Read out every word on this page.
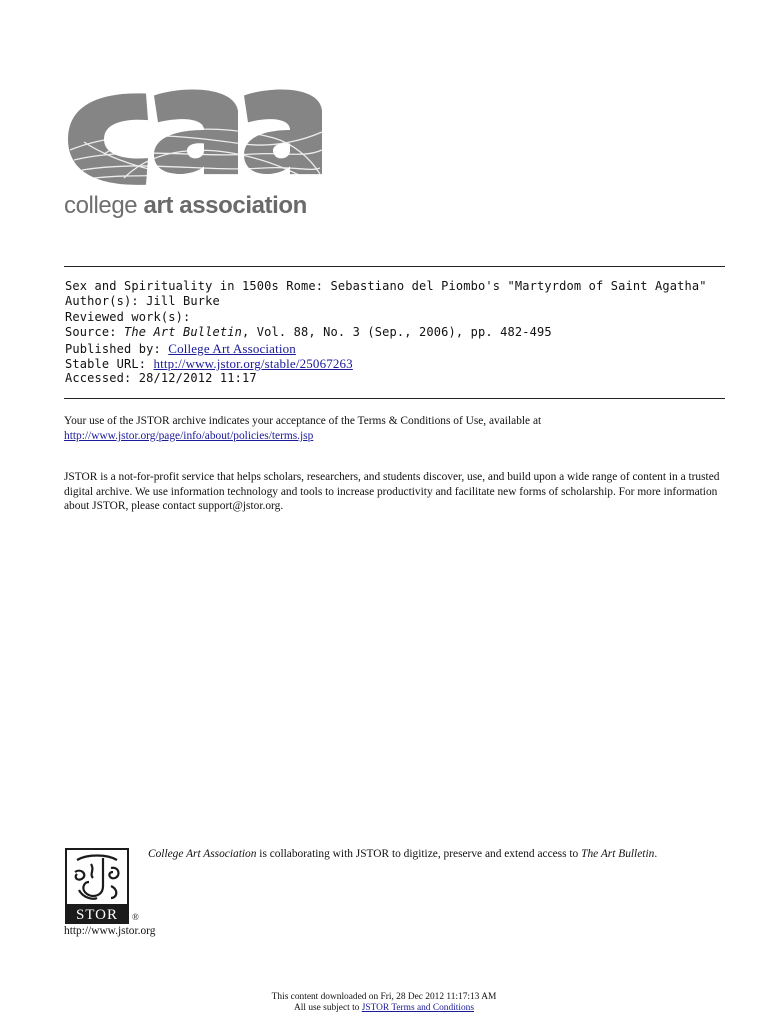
college art association
Sex and Spirituality in 1500s Rome: Sebastiano del Piombo's "Martyrdom of Saint Agatha"
Author(s): Jill Burke
Reviewed work(s):
Source: The Art Bulletin, Vol. 88, No. 3 (Sep., 2006), pp. 482-495
Published by: College Art Association
Stable URL: http://www.jstor.org/stable/25067263
Accessed: 28/12/2012 11:17
Your use of the JSTOR archive indicates your acceptance of the Terms & Conditions of Use, available at
http://www.jstor.org/page/info/about/policies/terms.jsp
JSTOR is a not-for-profit service that helps scholars, researchers, and students discover, use, and build upon a wide range of content in a trusted digital archive. We use information technology and tools to increase productivity and facilitate new forms of scholarship. For more information about JSTOR, please contact support@jstor.org.
STOR	®
College Art Association is collaborating with JSTOR to digitize, preserve and extend access to The Art Bulletin.
http://www.jstor.org
This content downloaded on Fri, 28 Dec 2012 11:17:13 AM
All use subject to JSTOR Terms and Conditions
